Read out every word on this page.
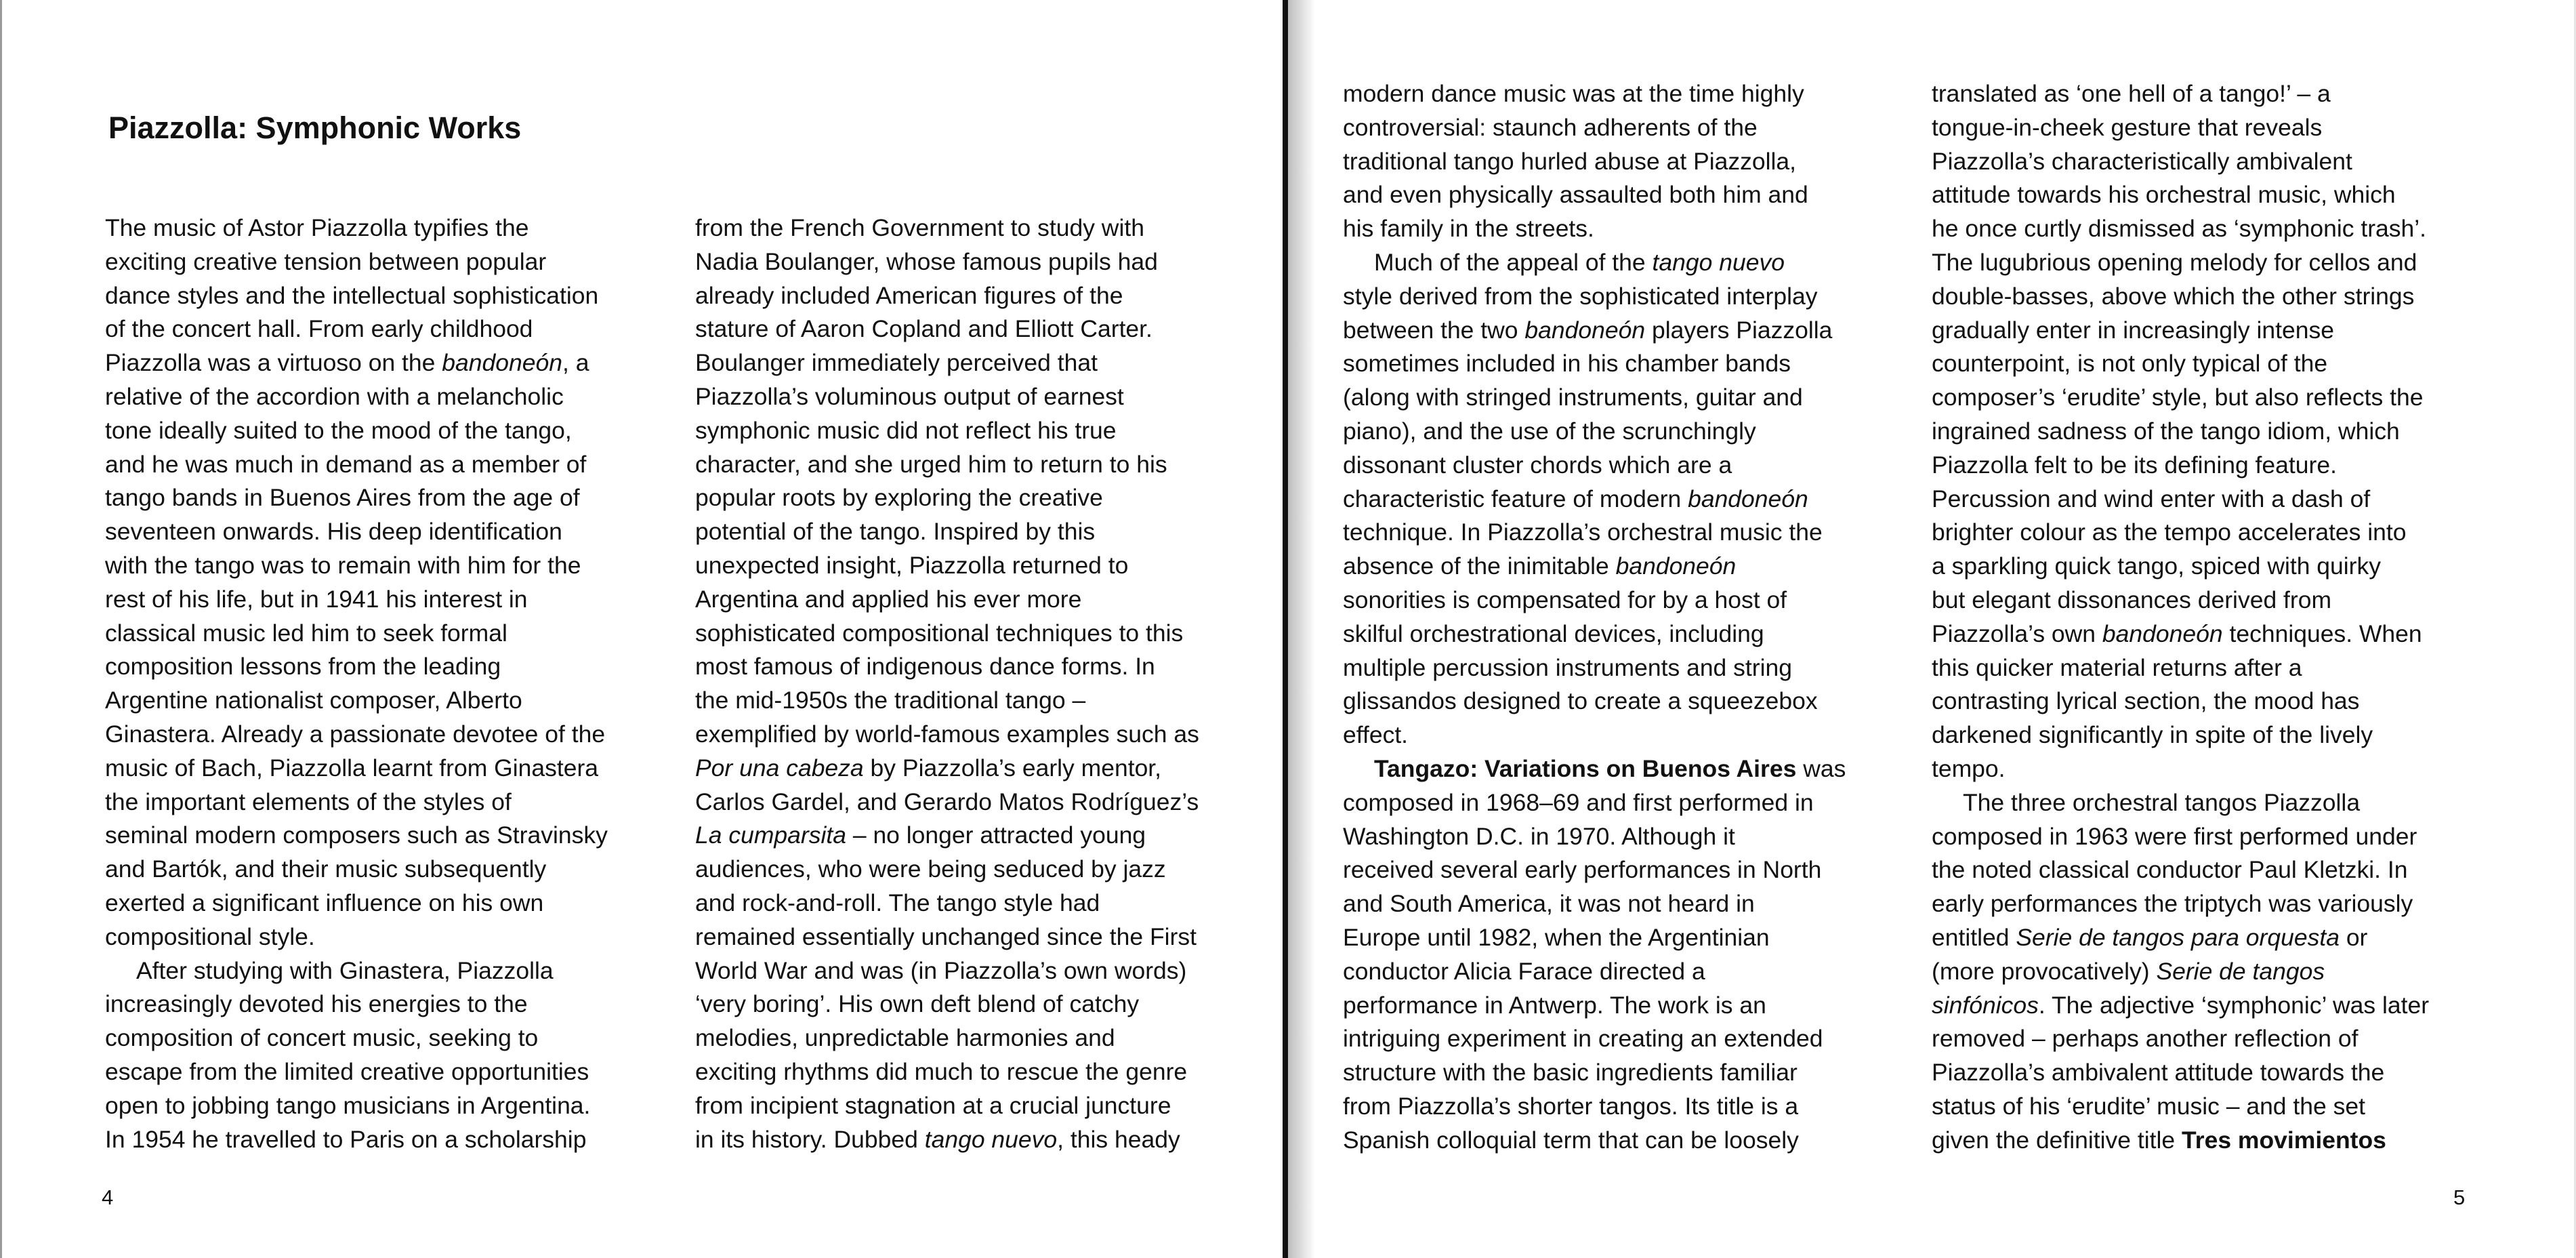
Piazzolla: Symphonic Works
The music of Astor Piazzolla typifies the
exciting creative tension between popular
dance styles and the intellectual sophistication
of the concert hall. From early childhood
Piazzolla was a virtuoso on the bandoneón, a
relative of the accordion with a melancholic
tone ideally suited to the mood of the tango,
and he was much in demand as a member of
tango bands in Buenos Aires from the age of
seventeen onwards. His deep identification
with the tango was to remain with him for the
rest of his life, but in 1941 his interest in
classical music led him to seek formal
composition lessons from the leading
Argentine nationalist composer, Alberto
Ginastera. Already a passionate devotee of the
music of Bach, Piazzolla learnt from Ginastera
the important elements of the styles of
seminal modern composers such as Stravinsky
and Bartók, and their music subsequently
exerted a significant influence on his own
compositional style.
After studying with Ginastera, Piazzolla
increasingly devoted his energies to the
composition of concert music, seeking to
escape from the limited creative opportunities
open to jobbing tango musicians in Argentina.
In 1954 he travelled to Paris on a scholarship
from the French Government to study with
Nadia Boulanger, whose famous pupils had
already included American figures of the
stature of Aaron Copland and Elliott Carter.
Boulanger immediately perceived that
Piazzolla’s voluminous output of earnest
symphonic music did not reflect his true
character, and she urged him to return to his
popular roots by exploring the creative
potential of the tango. Inspired by this
unexpected insight, Piazzolla returned to
Argentina and applied his ever more
sophisticated compositional techniques to this
most famous of indigenous dance forms. In
the mid-1950s the traditional tango –
exemplified by world-famous examples such as
Por una cabeza by Piazzolla’s early mentor,
Carlos Gardel, and Gerardo Matos Rodríguez’s
La cumparsita – no longer attracted young
audiences, who were being seduced by jazz
and rock-and-roll. The tango style had
remained essentially unchanged since the First
World War and was (in Piazzolla’s own words)
‘very boring’. His own deft blend of catchy
melodies, unpredictable harmonies and
exciting rhythms did much to rescue the genre
from incipient stagnation at a crucial juncture
in its history. Dubbed tango nuevo, this heady
modern dance music was at the time highly
controversial: staunch adherents of the
traditional tango hurled abuse at Piazzolla,
and even physically assaulted both him and
his family in the streets.
Much of the appeal of the tango nuevo
style derived from the sophisticated interplay
between the two bandoneón players Piazzolla
sometimes included in his chamber bands
(along with stringed instruments, guitar and
piano), and the use of the scrunchingly
dissonant cluster chords which are a
characteristic feature of modern bandoneón
technique. In Piazzolla’s orchestral music the
absence of the inimitable bandoneón
sonorities is compensated for by a host of
skilful orchestrational devices, including
multiple percussion instruments and string
glissandos designed to create a squeezebox
effect.
Tangazo: Variations on Buenos Aires was
composed in 1968–69 and first performed in
Washington D.C. in 1970. Although it
received several early performances in North
and South America, it was not heard in
Europe until 1982, when the Argentinian
conductor Alicia Farace directed a
performance in Antwerp. The work is an
intriguing experiment in creating an extended
structure with the basic ingredients familiar
from Piazzolla’s shorter tangos. Its title is a
Spanish colloquial term that can be loosely
translated as ‘one hell of a tango!’ – a
tongue-in-cheek gesture that reveals
Piazzolla’s characteristically ambivalent
attitude towards his orchestral music, which
he once curtly dismissed as ‘symphonic trash’.
The lugubrious opening melody for cellos and
double-basses, above which the other strings
gradually enter in increasingly intense
counterpoint, is not only typical of the
composer’s ‘erudite’ style, but also reflects the
ingrained sadness of the tango idiom, which
Piazzolla felt to be its defining feature.
Percussion and wind enter with a dash of
brighter colour as the tempo accelerates into
a sparkling quick tango, spiced with quirky
but elegant dissonances derived from
Piazzolla’s own bandoneón techniques. When
this quicker material returns after a
contrasting lyrical section, the mood has
darkened significantly in spite of the lively
tempo.
The three orchestral tangos Piazzolla
composed in 1963 were first performed under
the noted classical conductor Paul Kletzki. In
early performances the triptych was variously
entitled Serie de tangos para orquesta or
(more provocatively) Serie de tangos
sinfónicos. The adjective ‘symphonic’ was later
removed – perhaps another reflection of
Piazzolla’s ambivalent attitude towards the
status of his ‘erudite’ music – and the set
given the definitive title Tres movimientos
4	5
